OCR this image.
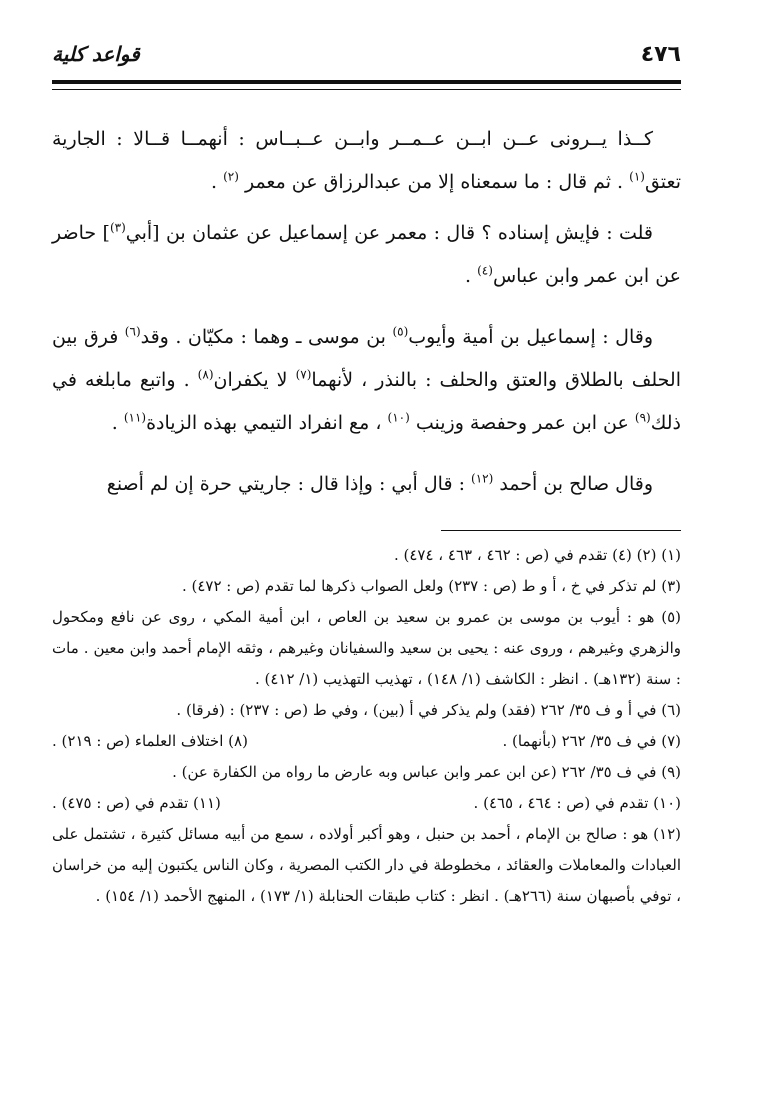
٤٧٦
قواعد كلية

كــذا يــرونى عــن ابــن عــمــر وابــن عــبــاس : أنهمــا قــالا : الجارية تعتق$^{(١)}$ . ثم قال : ما سمعناه إلا من عبدالرزاق عن معمر $^{(٢)}$ .

قلت : فإيش إسناده ؟ قال : معمر عن إسماعيل عن عثمان بن [أبي$^{(٣)}$] حاضر عن ابن عمر وابن عباس$^{(٤)}$ .

وقال : إسماعيل بن أمية وأيوب$^{(٥)}$ بن موسى ـ وهما : مكيّان . وقد$^{(٦)}$ فرق بين الحلف بالطلاق والعتق والحلف : بالنذر ، لأنهما$^{(٧)}$ لا يكفران$^{(٨)}$ . واتبع مابلغه في ذلك$^{(٩)}$ عن ابن عمر وحفصة وزينب $^{(١٠)}$ ، مع انفراد التيمي بهذه الزيادة$^{(١١)}$ .

وقال صالح بن أحمد $^{(١٢)}$ : قال أبي : وإذا قال : جاريتي حرة إن لم أصنع

(١) (٢) (٤) تقدم في (ص : ٤٦٢ ، ٤٦٣ ، ٤٧٤) .

(٣) لم تذكر في خ ، أ و ط (ص : ٢٣٧) ولعل الصواب ذكرها لما تقدم (ص : ٤٧٢) .

(٥) هو : أيوب بن موسى بن عمرو بن سعيد بن العاص ، ابن أمية المكي ، روى عن نافع ومكحول والزهري وغيرهم ، وروى عنه : يحيى بن سعيد والسفيانان وغيرهم ، وثقه الإمام أحمد وابن معين . مات : سنة (١٣٢هـ) . انظر : الكاشف (١/ ١٤٨) ، تهذيب التهذيب (١/ ٤١٢) .

(٦) في أ و ف ٣٥/ ٢٦٢ (فقد) ولم يذكر في أ (بين) ، وفي ط (ص : ٢٣٧) : (فرقا) .

(٧) في ف ٣٥/ ٢٦٢ (بأنهما) .
(٨) اختلاف العلماء (ص : ٢١٩) .

(٩) في ف ٣٥/ ٢٦٢ (عن ابن عمر وابن عباس وبه عارض ما رواه من الكفارة عن) .

(١٠) تقدم في (ص : ٤٦٤ ، ٤٦٥) .
(١١) تقدم في (ص : ٤٧٥) .

(١٢) هو : صالح بن الإمام ، أحمد بن حنبل ، وهو أكبر أولاده ، سمع من أبيه مسائل كثيرة ، تشتمل على العبادات والمعاملات والعقائد ، مخطوطة في دار الكتب المصرية ، وكان الناس يكتبون إليه من خراسان ، توفي بأصبهان سنة (٢٦٦هـ) . انظر : كتاب طبقات الحنابلة (١/ ١٧٣) ، المنهج الأحمد (١/ ١٥٤) .
